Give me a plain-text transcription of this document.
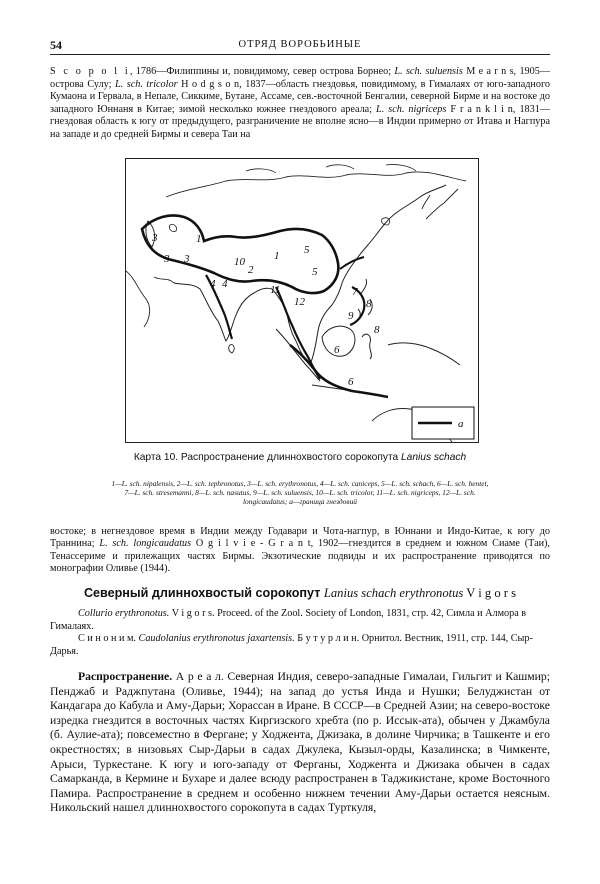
54	ОТРЯД ВОРОБЬИНЫЕ

S c o p o l i, 1786—Филиппины и, повидимому, север острова Борнео; L. sch. suluensis M e a r n s, 1905—острова Сулу; L. sch. tricolor H o d g s o n, 1837—область гнездовья, повидимому, в Гималаях от юго-западного Кумаона и Гервала, в Непале, Сиккиме, Бутане, Ассаме, сев.-восточной Бенгалии, северной Бирме и на востоке до западного Юннаня в Китае; зимой несколько южнее гнездового ареала; L. sch. nigriceps F r a n k l i n, 1831—гнездовая область к югу от предыдущего, разграничение не вполне ясно—в Индии примерно от Итава и Нагпура на западе и до средней Бирмы и севера Таи на

3
3 3
1
10
4 4
2
11
1
12
5
5
7
8
8
9
6
6
a
Карта 10. Распространение длиннохвостого сорокопута Lanius schach

1—L. sch. nipalensis, 2—L. sch. tephronotus, 3—L. sch. erythronotus, 4—L. sch. caniceps, 5—L. sch. schach, 6—L. sch. bentet, 7—L. sch. stresemanni, 8—L. sch. nasutus, 9—L. sch. suluensis, 10—L. sch. tricolor, 11—L. sch. nigriceps, 12—L. sch. longicaudatus; a—граница гнездовий

востоке; в негнездовое время в Индии между Годавари и Чота-нагпур, в Юннани и Индо-Китае, к югу до Траннина; L. sch. longicaudatus O g i l v i e - G r a n t, 1902—гнездится в среднем и южном Сиаме (Таи), Тенассериме и прилежащих частях Бирмы. Экзотические подвиды и их распространение приводятся по монографии Оливье (1944).

Северный длиннохвостый сорокопут Lanius schach erythronotus V i g o r s
Collurio erythronotus. V i g o r s. Proceed. of the Zool. Society of London, 1831, стр. 42, Симла и Алмора в Гималаях.
С и н о н и м. Caudolanius erythronotus jaxartensis. Б у т у р л и н. Орнитол. Вестник, 1911, стр. 144, Сыр-Дарья.

Распространение. А р е а л. Северная Индия, северо-западные Гималаи, Гильгит и Кашмир; Пенджаб и Раджпутана (Оливье, 1944); на запад до устья Инда и Нушки; Белуджистан от Кандагара до Кабула и Аму-Дарьи; Хорассан в Иране. В СССР—в Средней Азии; на северо-востоке изредка гнездится в восточных частях Киргизского хребта (по р. Иссык-ата), обычен у Джамбула (б. Аулие-ата); повсеместно в Фергане; у Ходжента, Джизака, в долине Чирчика; в Ташкенте и его окрестностях; в низовьях Сыр-Дарьи в садах Джулека, Кызыл-орды, Казалинска; в Чимкенте, Арыси, Туркестане. К югу и юго-западу от Ферганы, Ходжента и Джизака обычен в садах Самарканда, в Кермине и Бухаре и далее всюду распространен в Таджикистане, кроме Восточного Памира. Распространение в среднем и особенно нижнем течении Аму-Дарьи остается неясным. Никольский нашел длиннохвостого сорокопута в садах Турткуля,
